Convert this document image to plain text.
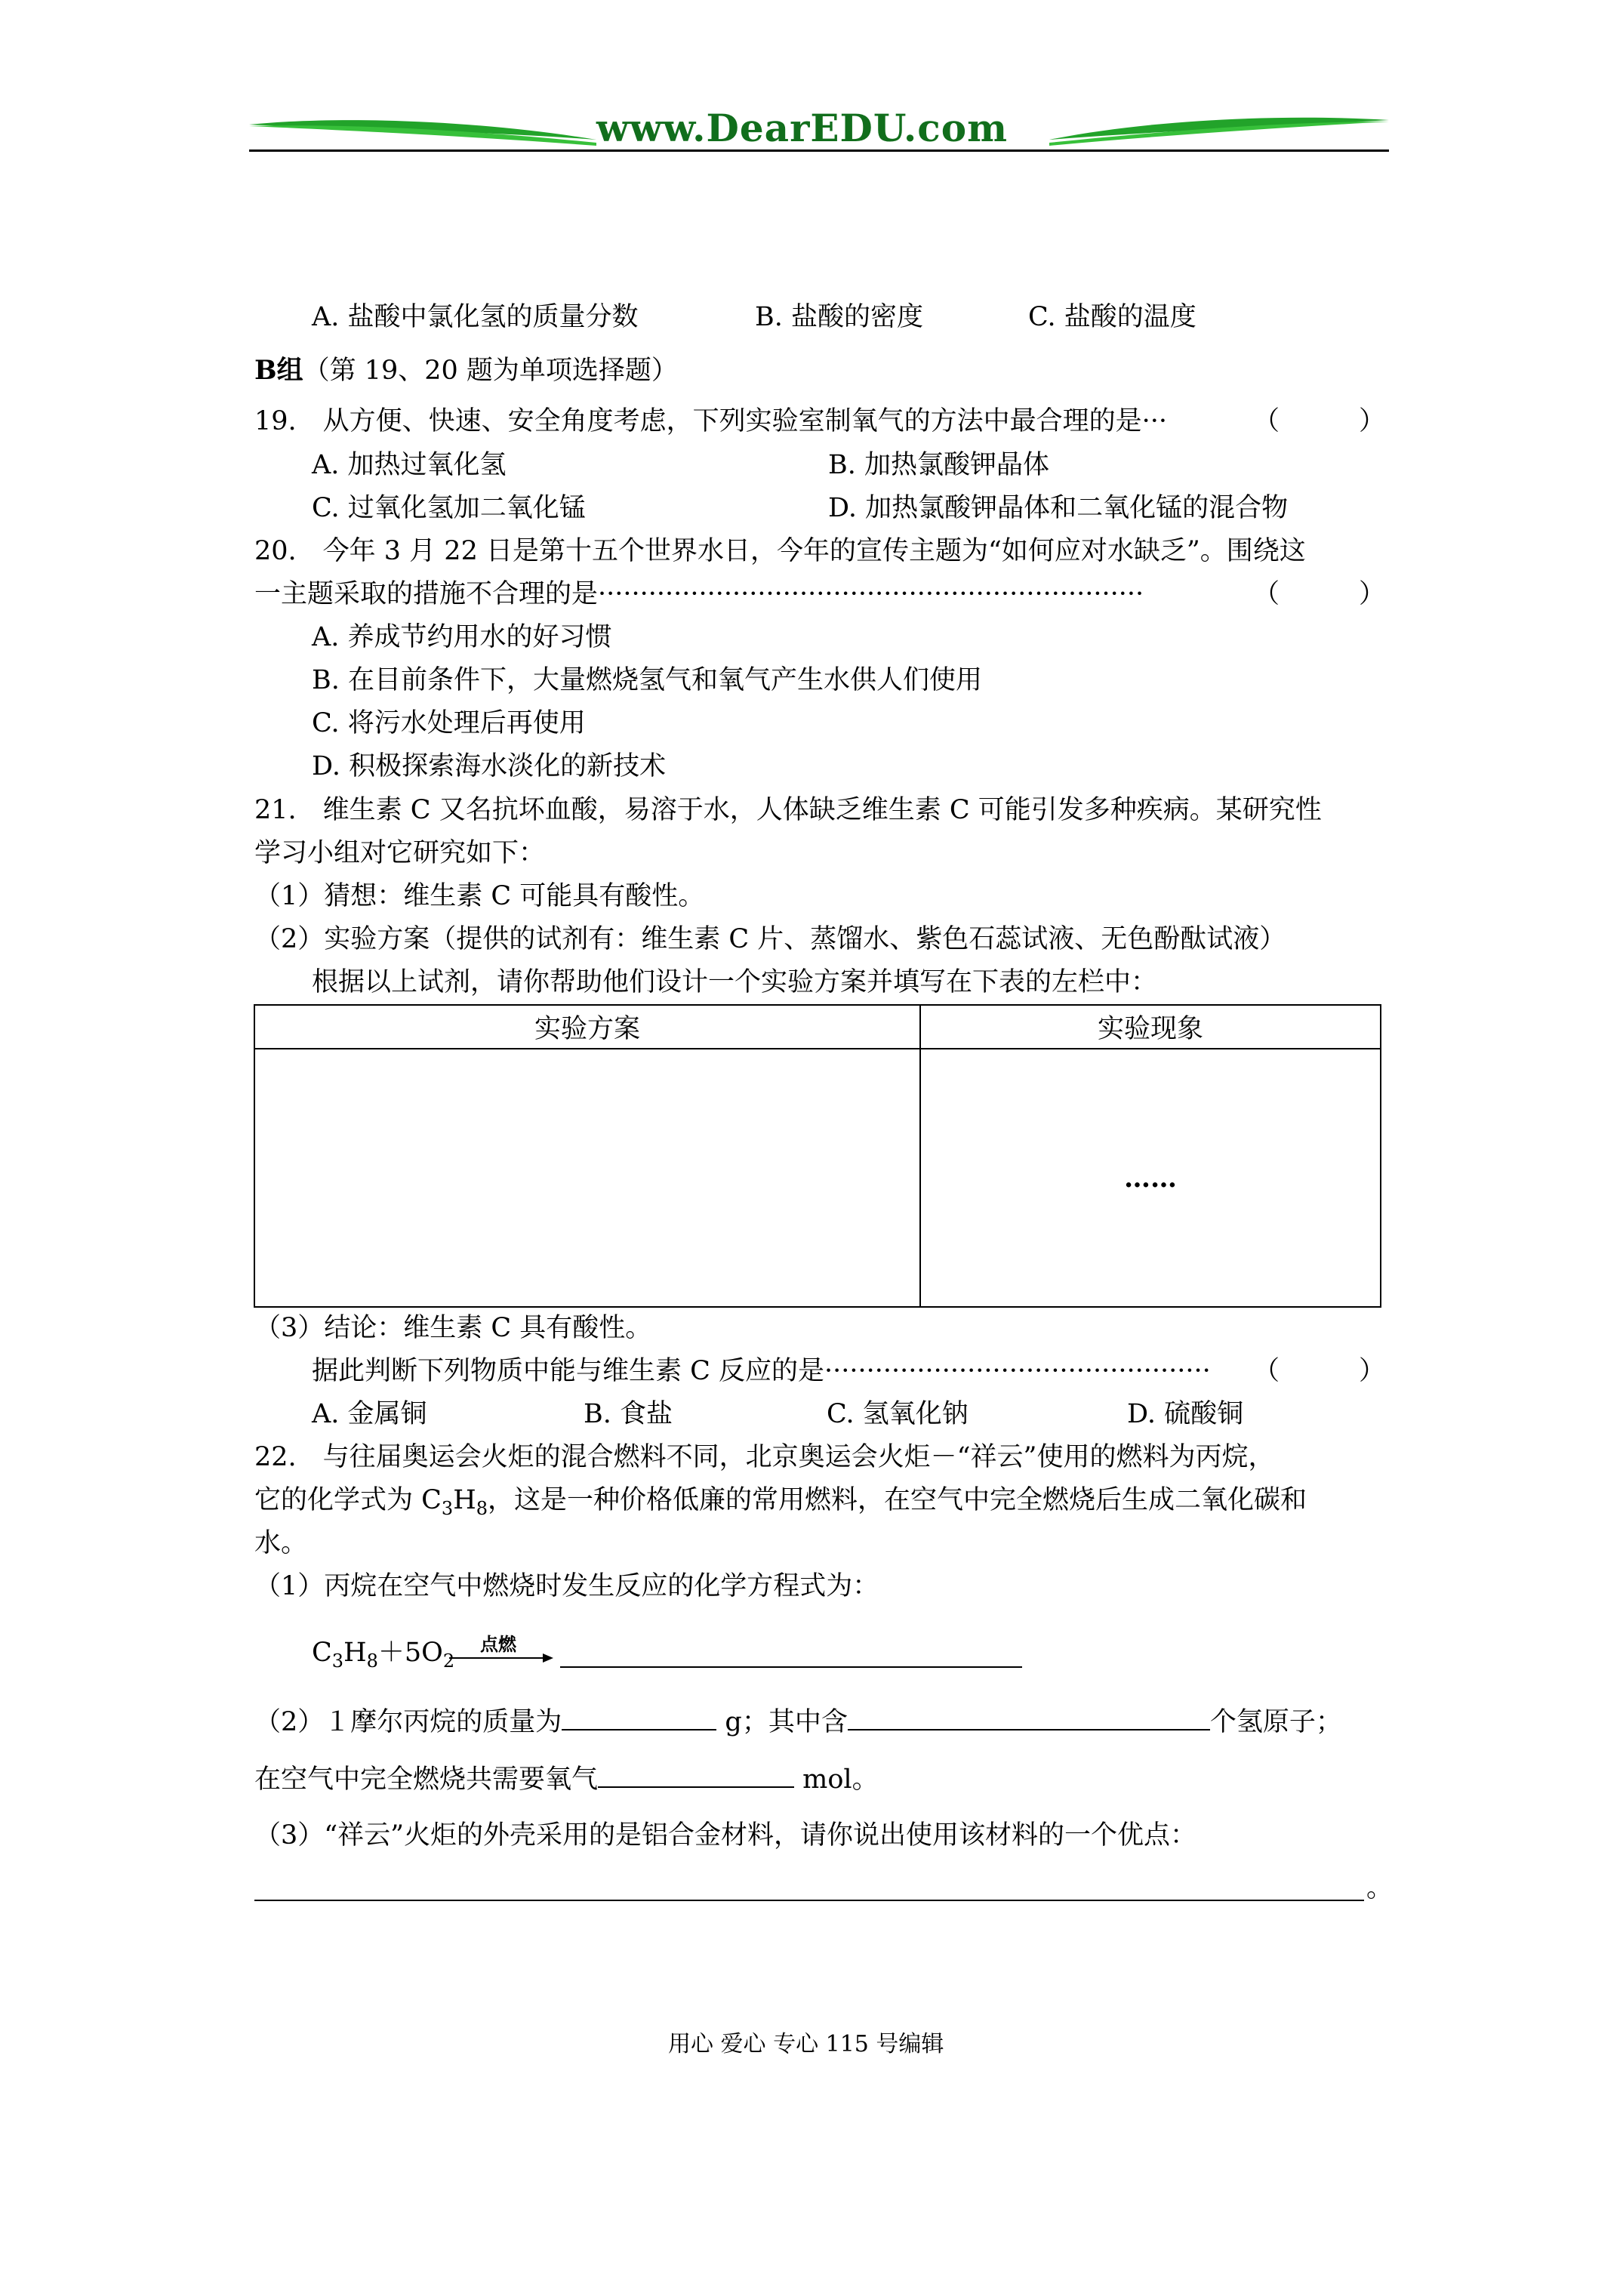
www.DearEDU.com
A. 盐酸中氯化氢的质量分数	B. 盐酸的密度	C. 盐酸的温度
B组（第 19、20 题为单项选择题）
19.　从方便、快速、安全角度考虑，下列实验室制氧气的方法中最合理的是···	（　　　）
A. 加热过氧化氢	B. 加热氯酸钾晶体
C. 过氧化氢加二氧化锰	D. 加热氯酸钾晶体和二氧化锰的混合物
20.　今年 3 月 22 日是第十五个世界水日，今年的宣传主题为“如何应对水缺乏”。围绕这
一主题采取的措施不合理的是·································································	（　　　）
A. 养成节约用水的好习惯
B. 在目前条件下，大量燃烧氢气和氧气产生水供人们使用
C. 将污水处理后再使用
D. 积极探索海水淡化的新技术
21.　维生素 C 又名抗坏血酸，易溶于水，人体缺乏维生素 C 可能引发多种疾病。某研究性
学习小组对它研究如下：
（1）猜想：维生素 C 可能具有酸性。
（2）实验方案（提供的试剂有：维生素 C 片、蒸馏水、紫色石蕊试液、无色酚酞试液）
根据以上试剂，请你帮助他们设计一个实验方案并填写在下表的左栏中：
实验方案	实验现象
	……
（3）结论：维生素 C 具有酸性。
据此判断下列物质中能与维生素 C 反应的是··············································	（　　　）
A. 金属铜	B. 食盐	C. 氢氧化钠	D. 硫酸铜
22.　与往届奥运会火炬的混合燃料不同，北京奥运会火炬－“祥云”使用的燃料为丙烷，
它的化学式为 $C_3H_8$，这是一种价格低廉的常用燃料，在空气中完全燃烧后生成二氧化碳和
水。
（1）丙烷在空气中燃烧时发生反应的化学方程式为：
$C_3H_8+5O_2$
点燃
（2）１摩尔丙烷的质量为	g；其中含	个氢原子；
在空气中完全燃烧共需要氧气	mol。
（3）“祥云”火炬的外壳采用的是铝合金材料，请你说出使用该材料的一个优点：
。
用心 爱心 专心 115 号编辑
